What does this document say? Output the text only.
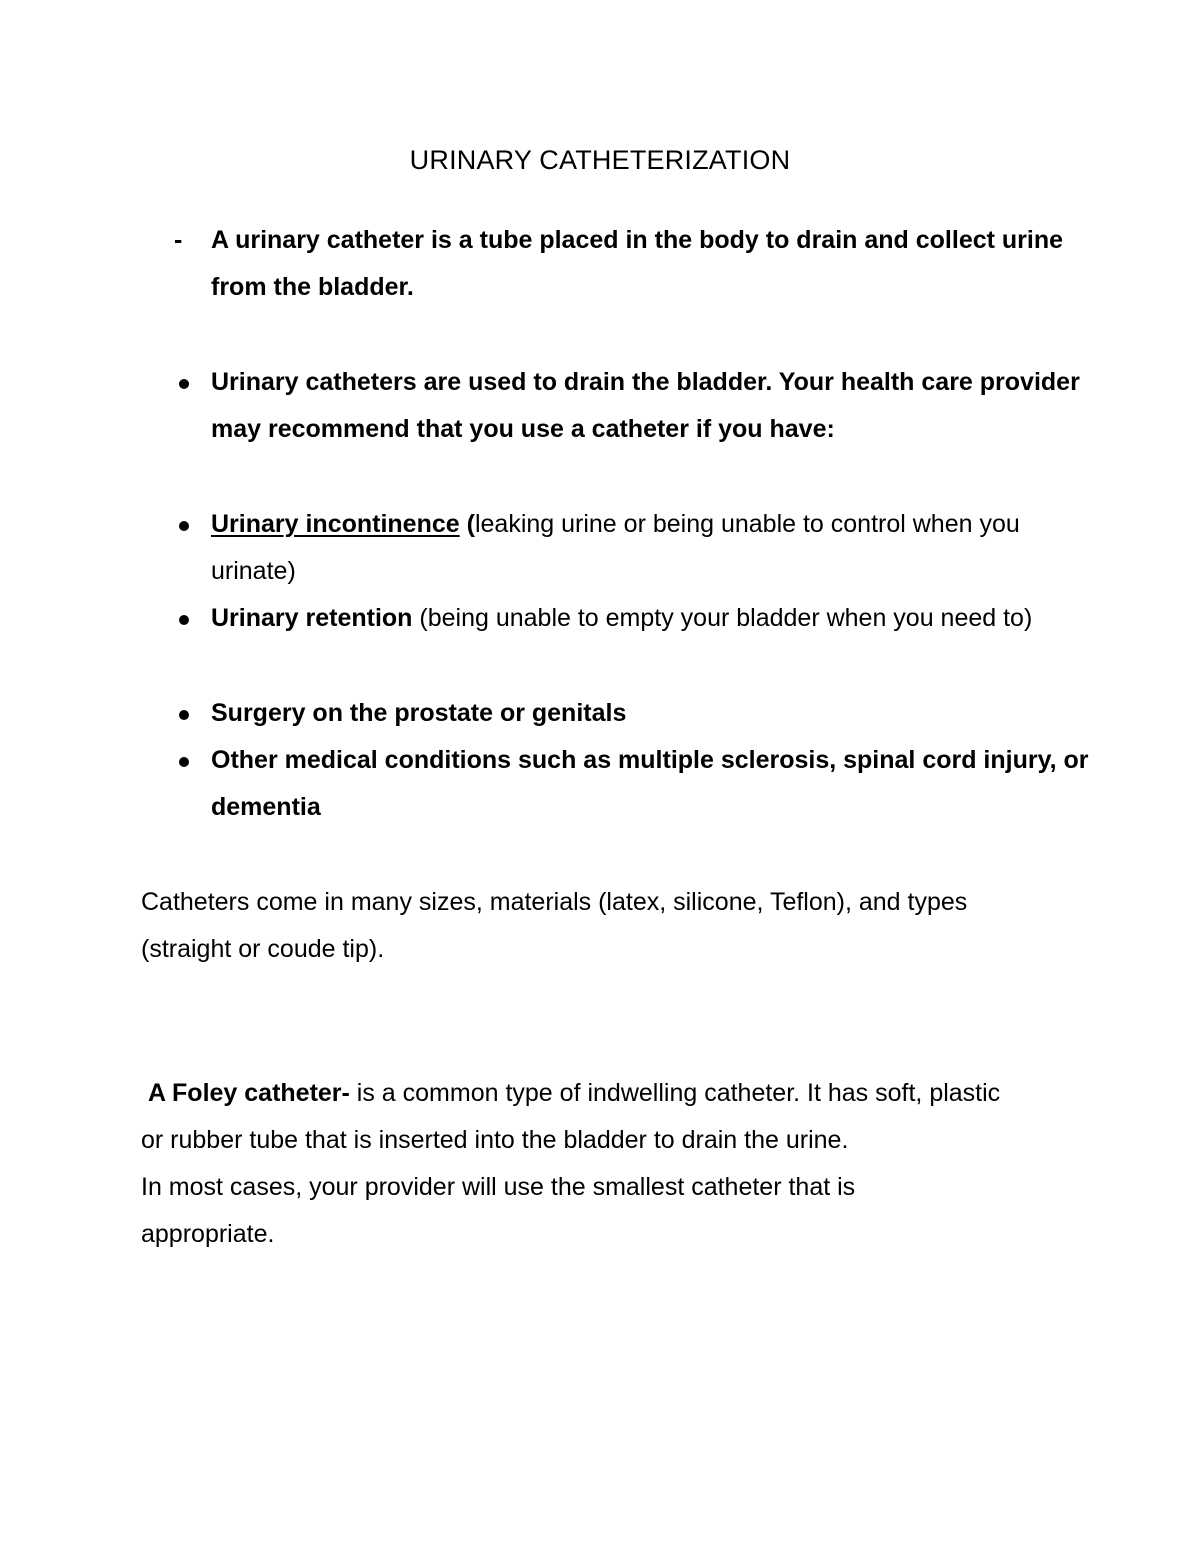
URINARY CATHETERIZATION
-	A urinary catheter is a tube placed in the body to drain and collect urine from the bladder.
Urinary catheters are used to drain the bladder. Your health care provider may recommend that you use a catheter if you have:
Urinary incontinence (leaking urine or being unable to control when you urinate)
Urinary retention (being unable to empty your bladder when you need to)
Surgery on the prostate or genitals
Other medical conditions such as multiple sclerosis, spinal cord injury, or dementia
Catheters come in many sizes, materials (latex, silicone, Teflon), and types (straight or coude tip).
A Foley catheter- is a common type of indwelling catheter. It has soft, plastic or rubber tube that is inserted into the bladder to drain the urine.
In most cases, your provider will use the smallest catheter that is appropriate.
